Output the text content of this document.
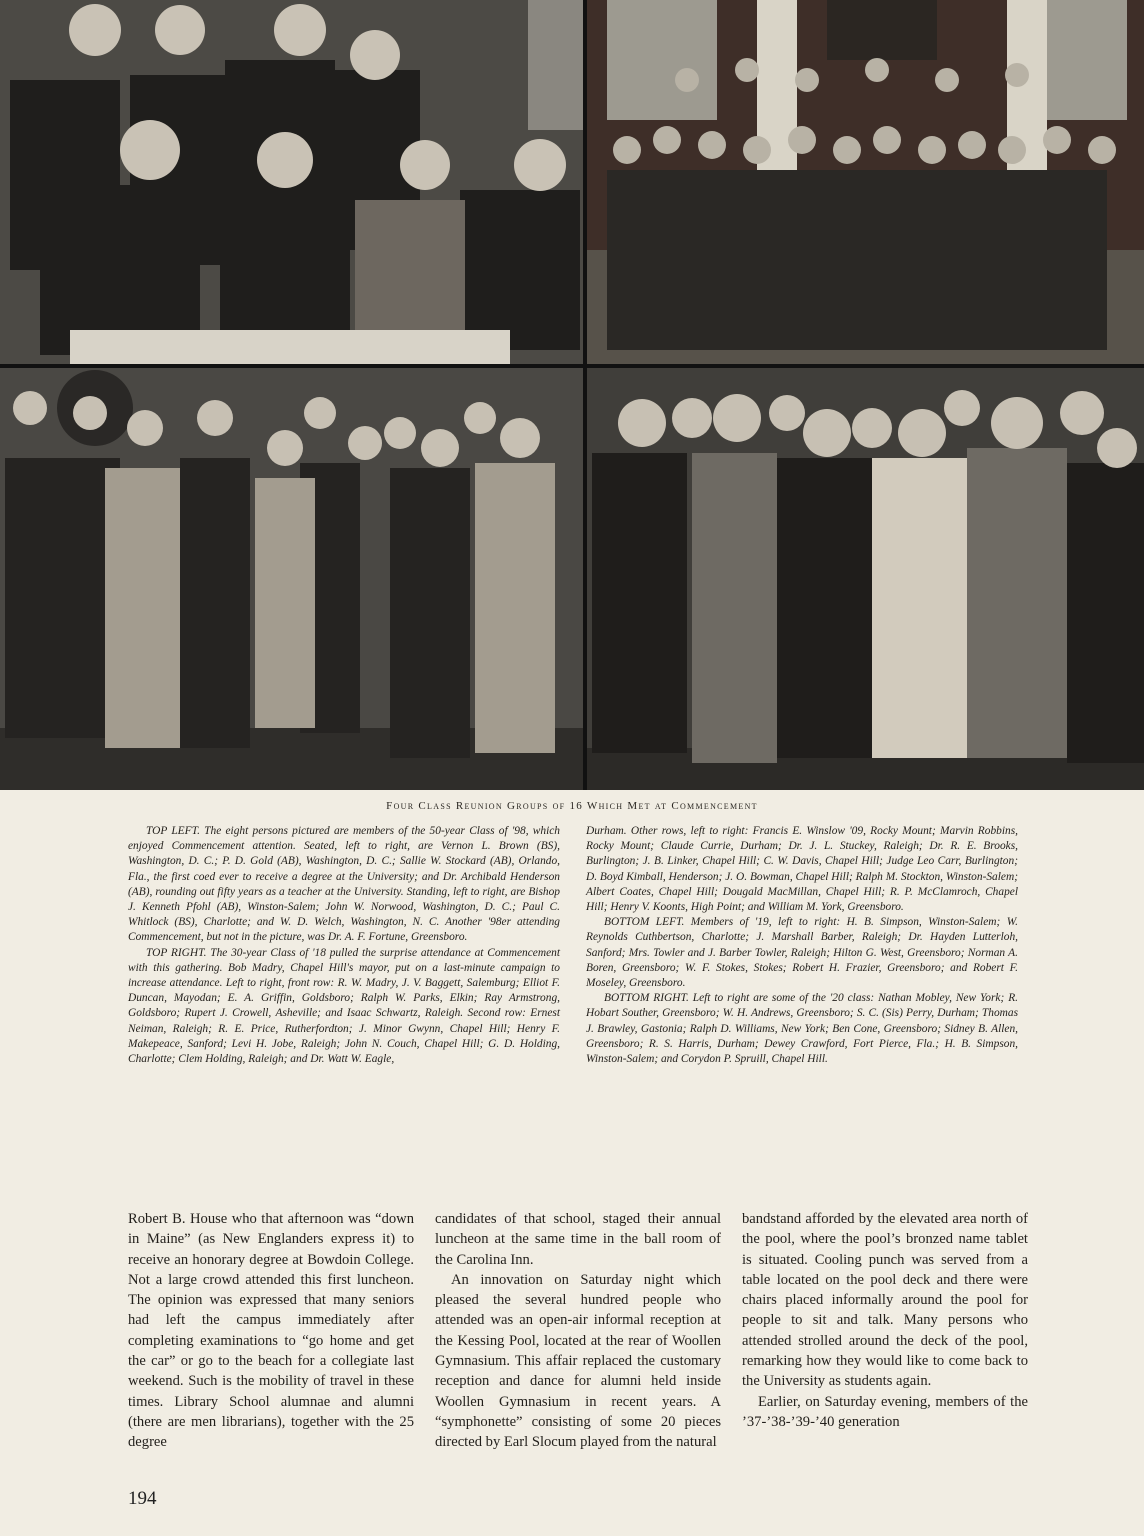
Four Class Reunion Groups of 16 Which Met at Commencement

TOP LEFT. The eight persons pictured are members of the 50-year Class of '98, which enjoyed Commencement attention. Seated, left to right, are Vernon L. Brown (BS), Washington, D. C.; P. D. Gold (AB), Washington, D. C.; Sallie W. Stockard (AB), Orlando, Fla., the first coed ever to receive a degree at the University; and Dr. Archibald Henderson (AB), rounding out fifty years as a teacher at the University. Standing, left to right, are Bishop J. Kenneth Pfohl (AB), Winston-Salem; John W. Norwood, Washington, D. C.; Paul C. Whitlock (BS), Charlotte; and W. D. Welch, Washington, N. C. Another '98er attending Commencement, but not in the picture, was Dr. A. F. Fortune, Greensboro.

TOP RIGHT. The 30-year Class of '18 pulled the surprise attendance at Commencement with this gathering. Bob Madry, Chapel Hill's mayor, put on a last-minute campaign to increase attendance. Left to right, front row: R. W. Madry, J. V. Baggett, Salemburg; Elliot F. Duncan, Mayodan; E. A. Griffin, Goldsboro; Ralph W. Parks, Elkin; Ray Armstrong, Goldsboro; Rupert J. Crowell, Asheville; and Isaac Schwartz, Raleigh. Second row: Ernest Neiman, Raleigh; R. E. Price, Rutherfordton; J. Minor Gwynn, Chapel Hill; Henry F. Makepeace, Sanford; Levi H. Jobe, Raleigh; John N. Couch, Chapel Hill; G. D. Holding, Charlotte; Clem Holding, Raleigh; and Dr. Watt W. Eagle,

Durham. Other rows, left to right: Francis E. Winslow '09, Rocky Mount; Marvin Robbins, Rocky Mount; Claude Currie, Durham; Dr. J. L. Stuckey, Raleigh; Dr. R. E. Brooks, Burlington; J. B. Linker, Chapel Hill; C. W. Davis, Chapel Hill; Judge Leo Carr, Burlington; D. Boyd Kimball, Henderson; J. O. Bowman, Chapel Hill; Ralph M. Stockton, Winston-Salem; Albert Coates, Chapel Hill; Dougald MacMillan, Chapel Hill; R. P. McClamroch, Chapel Hill; Henry V. Koonts, High Point; and William M. York, Greensboro.

BOTTOM LEFT. Members of '19, left to right: H. B. Simpson, Winston-Salem; W. Reynolds Cuthbertson, Charlotte; J. Marshall Barber, Raleigh; Dr. Hayden Lutterloh, Sanford; Mrs. Towler and J. Barber Towler, Raleigh; Hilton G. West, Greensboro; Norman A. Boren, Greensboro; W. F. Stokes, Stokes; Robert H. Frazier, Greensboro; and Robert F. Moseley, Greensboro.

BOTTOM RIGHT. Left to right are some of the '20 class: Nathan Mobley, New York; R. Hobart Souther, Greensboro; W. H. Andrews, Greensboro; S. C. (Sis) Perry, Durham; Thomas J. Brawley, Gastonia; Ralph D. Williams, New York; Ben Cone, Greensboro; Sidney B. Allen, Greensboro; R. S. Harris, Durham; Dewey Crawford, Fort Pierce, Fla.; H. B. Simpson, Winston-Salem; and Corydon P. Spruill, Chapel Hill.

Robert B. House who that afternoon was “down in Maine” (as New Englanders express it) to receive an honorary degree at Bowdoin College. Not a large crowd attended this first luncheon. The opinion was expressed that many seniors had left the campus immediately after completing examinations to “go home and get the car” or go to the beach for a collegiate last weekend. Such is the mobility of travel in these times. Library School alumnae and alumni (there are men librarians), together with the 25 degree

candidates of that school, staged their annual luncheon at the same time in the ball room of the Carolina Inn.

An innovation on Saturday night which pleased the several hundred people who attended was an open-air informal reception at the Kessing Pool, located at the rear of Woollen Gymnasium. This affair replaced the customary reception and dance for alumni held inside Woollen Gymnasium in recent years. A “symphonette” consisting of some 20 pieces directed by Earl Slocum played from the natural

bandstand afforded by the elevated area north of the pool, where the pool’s bronzed name tablet is situated. Cooling punch was served from a table located on the pool deck and there were chairs placed informally around the pool for people to sit and talk. Many persons who attended strolled around the deck of the pool, remarking how they would like to come back to the University as students again.

Earlier, on Saturday evening, members of the ’37-’38-’39-’40 generation

194
